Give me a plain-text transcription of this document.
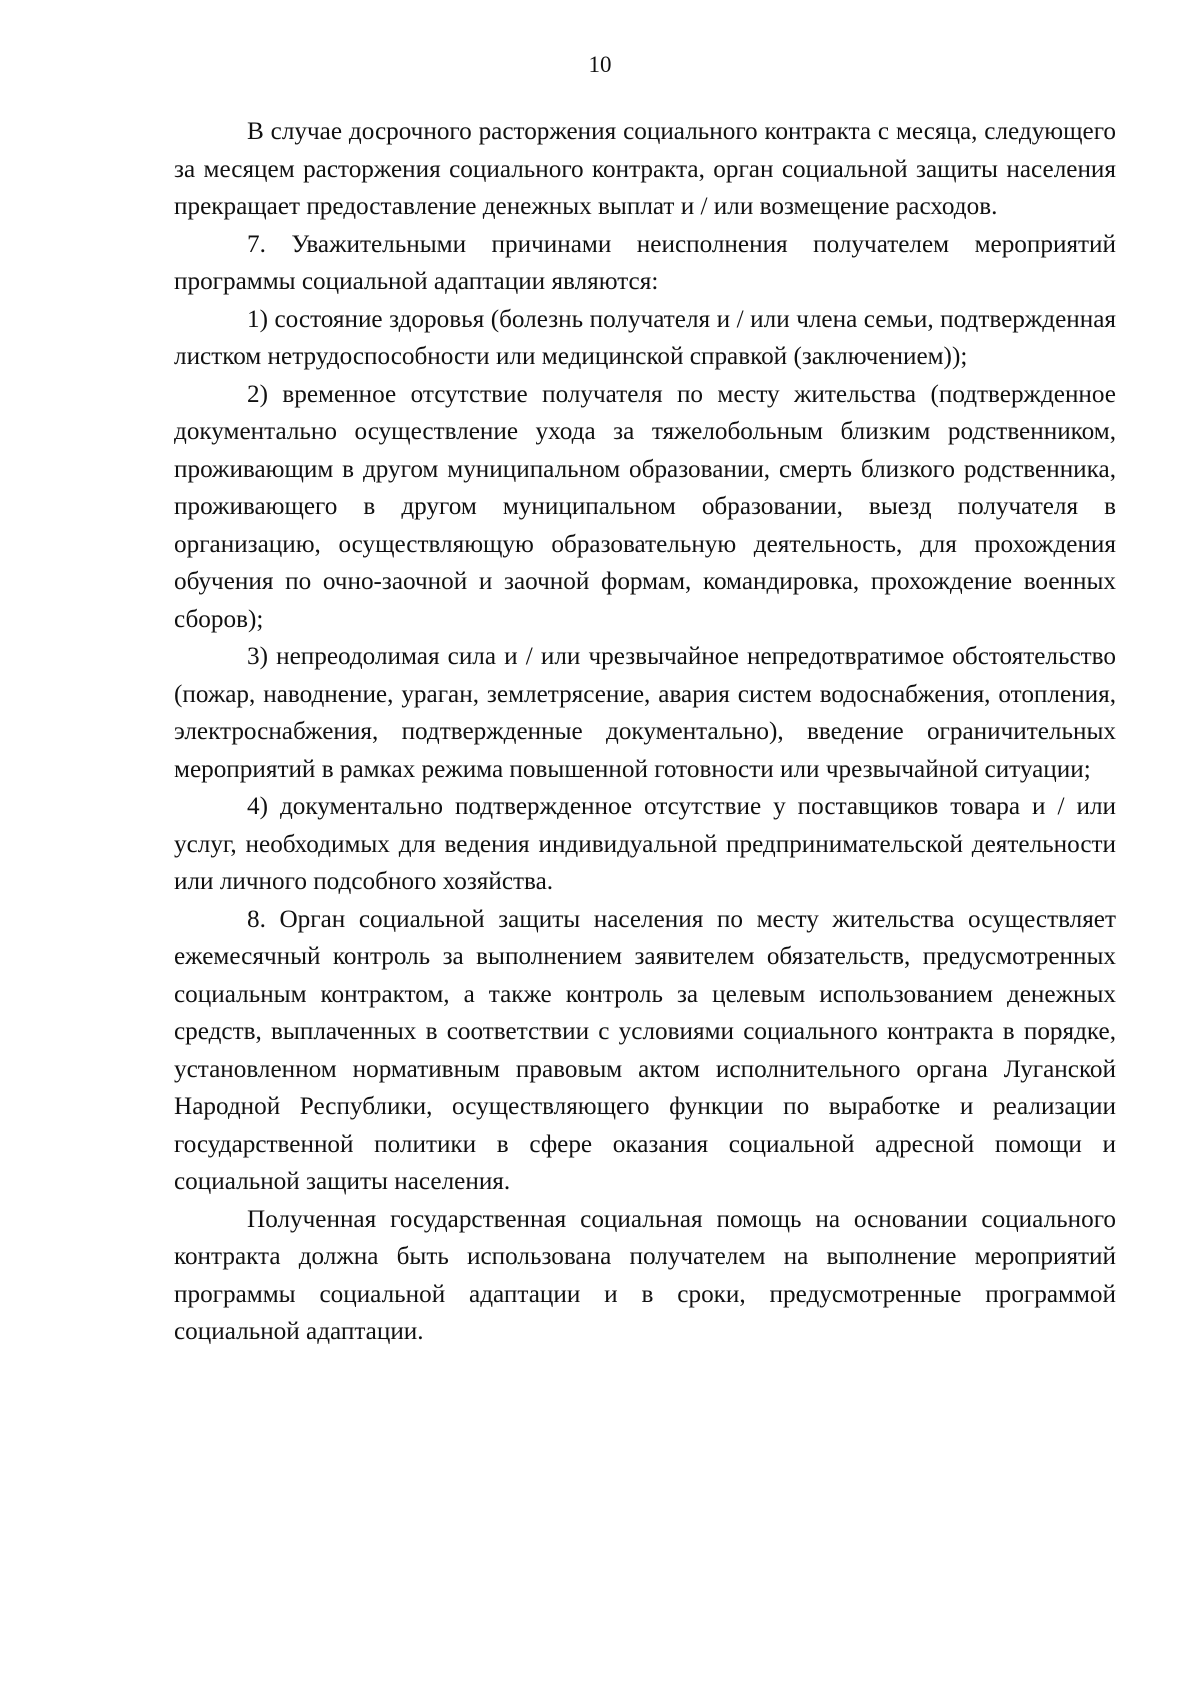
10

В случае досрочного расторжения социального контракта с месяца, следующего за месяцем расторжения социального контракта, орган социальной защиты населения прекращает предоставление денежных выплат и / или возмещение расходов.

7. Уважительными причинами неисполнения получателем мероприятий программы социальной адаптации являются:

1) состояние здоровья (болезнь получателя и / или члена семьи, подтвержденная листком нетрудоспособности или медицинской справкой (заключением));

2) временное отсутствие получателя по месту жительства (подтвержденное документально осуществление ухода за тяжелобольным близким родственником, проживающим в другом муниципальном образовании, смерть близкого родственника, проживающего в другом муниципальном образовании, выезд получателя в организацию, осуществляющую образовательную деятельность, для прохождения обучения по очно-заочной и заочной формам, командировка, прохождение военных сборов);

3) непреодолимая сила и / или чрезвычайное непредотвратимое обстоятельство (пожар, наводнение, ураган, землетрясение, авария систем водоснабжения, отопления, электроснабжения, подтвержденные документально), введение ограничительных мероприятий в рамках режима повышенной готовности или чрезвычайной ситуации;

4) документально подтвержденное отсутствие у поставщиков товара и / или услуг, необходимых для ведения индивидуальной предпринимательской деятельности или личного подсобного хозяйства.

8. Орган социальной защиты населения по месту жительства осуществляет ежемесячный контроль за выполнением заявителем обязательств, предусмотренных социальным контрактом, а также контроль за целевым использованием денежных средств, выплаченных в соответствии с условиями социального контракта в порядке, установленном нормативным правовым актом исполнительного органа Луганской Народной Республики, осуществляющего функции по выработке и реализации государственной политики в сфере оказания социальной адресной помощи и социальной защиты населения.

Полученная государственная социальная помощь на основании социального контракта должна быть использована получателем на выполнение мероприятий программы социальной адаптации и в сроки, предусмотренные программой социальной адаптации.
